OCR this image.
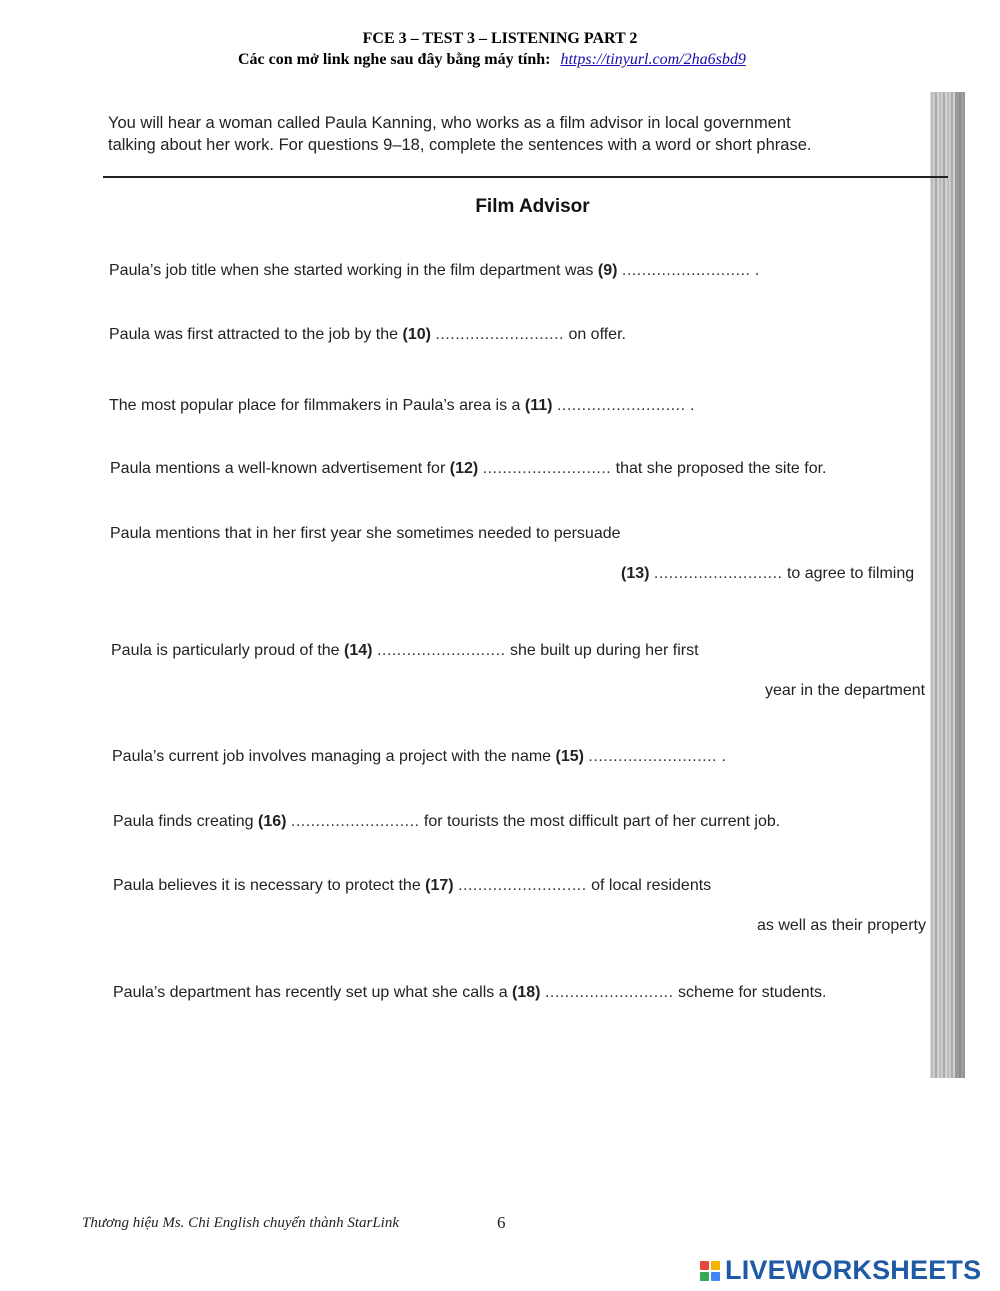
FCE 3 – TEST 3 – LISTENING PART 2
Các con mở link nghe sau đây bằng máy tính: https://tinyurl.com/2ha6sbd9
You will hear a woman called Paula Kanning, who works as a film advisor in local government
talking about her work. For questions 9–18, complete the sentences with a word or short phrase.
Film Advisor
Paula’s job title when she started working in the film department was (9) .......................... .
Paula was first attracted to the job by the (10) .......................... on offer.
The most popular place for filmmakers in Paula’s area is a (11) .......................... .
Paula mentions a well-known advertisement for (12) .......................... that she proposed the site for.
Paula mentions that in her first year she sometimes needed to persuade
(13) .......................... to agree to filming
Paula is particularly proud of the (14) .......................... she built up during her first
year in the department
Paula’s current job involves managing a project with the name (15) .......................... .
Paula finds creating (16) .......................... for tourists the most difficult part of her current job.
Paula believes it is necessary to protect the (17) .......................... of local residents
as well as their property
Paula’s department has recently set up what she calls a (18) .......................... scheme for students.
Thương hiệu Ms. Chi English chuyển thành StarLink	6
LIVEWORKSHEETS
